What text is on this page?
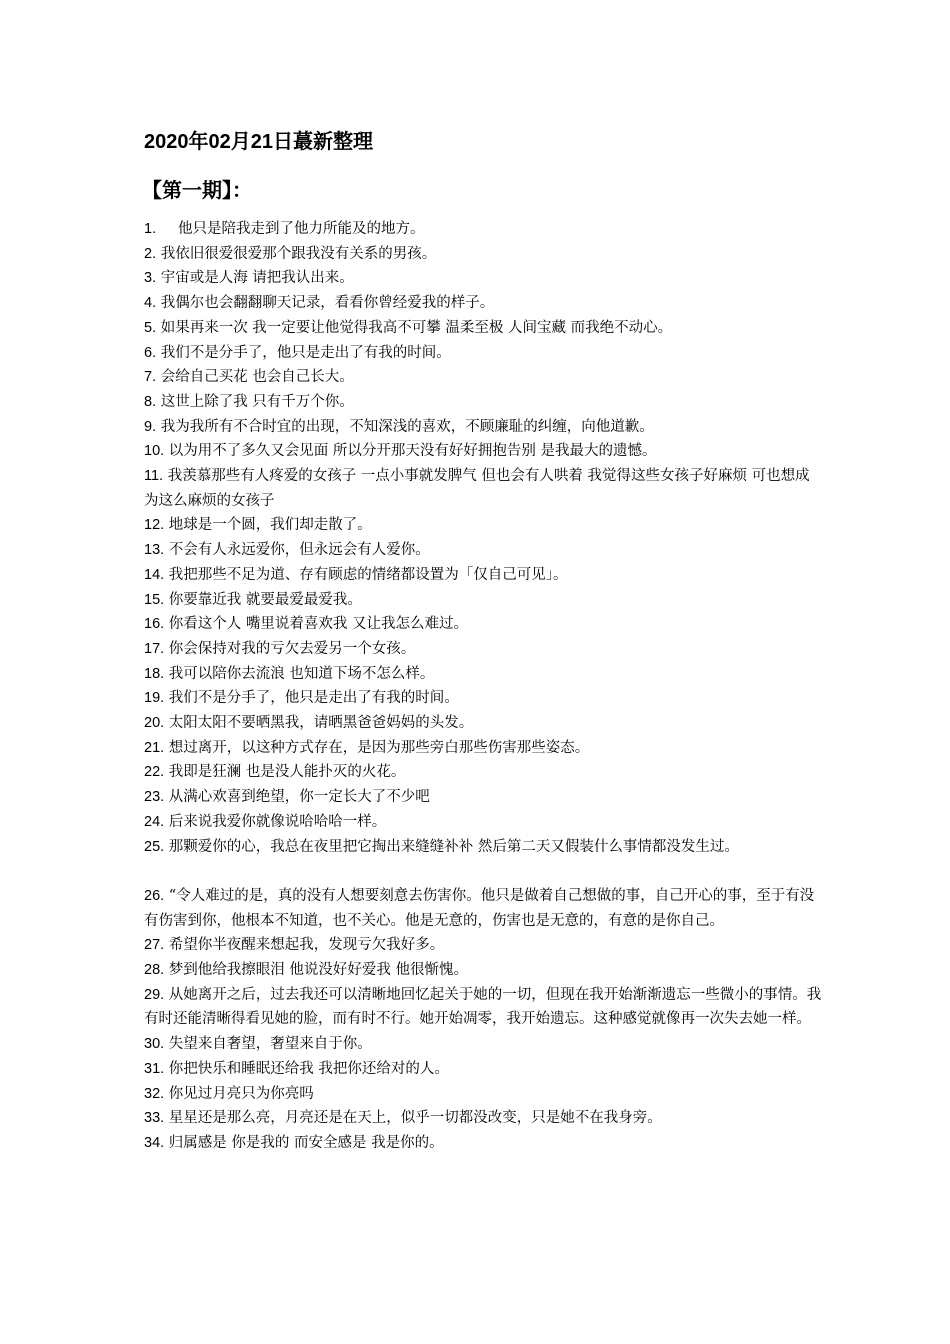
2020年02月21日蕞新整理
【第一期】：
1. 他只是陪我走到了他力所能及的地方。
2. 我依旧很爱很爱那个跟我没有关系的男孩。
3. 宇宙或是人海 请把我认出来。
4. 我偶尔也会翻翻聊天记录，看看你曾经爱我的样子。
5. 如果再来一次 我一定要让他觉得我高不可攀 温柔至极 人间宝藏 而我绝不动心。
6. 我们不是分手了，他只是走出了有我的时间。
7. 会给自己买花 也会自己长大。
8. 这世上除了我 只有千万个你。
9. 我为我所有不合时宜的出现，不知深浅的喜欢，不顾廉耻的纠缠，向他道歉。
10. 以为用不了多久又会见面 所以分开那天没有好好拥抱告别 是我最大的遗憾。
11. 我羡慕那些有人疼爱的女孩子 一点小事就发脾气 但也会有人哄着 我觉得这些女孩子好麻烦 可也想成为这么麻烦的女孩子
12. 地球是一个圆，我们却走散了。
13. 不会有人永远爱你，但永远会有人爱你。
14. 我把那些不足为道、存有顾虑的情绪都设置为「仅自己可见」。
15. 你要靠近我 就要最爱最爱我。
16. 你看这个人 嘴里说着喜欢我 又让我怎么难过。
17. 你会保持对我的亏欠去爱另一个女孩。
18. 我可以陪你去流浪 也知道下场不怎么样。
19. 我们不是分手了，他只是走出了有我的时间。
20. 太阳太阳不要晒黑我，请晒黑爸爸妈妈的头发。
21. 想过离开，以这种方式存在，是因为那些旁白那些伤害那些姿态。
22. 我即是狂澜 也是没人能扑灭的火花。
23. 从满心欢喜到绝望，你一定长大了不少吧
24. 后来说我爱你就像说哈哈哈一样。
25. 那颗爱你的心，我总在夜里把它掏出来缝缝补补 然后第二天又假装什么事情都没发生过。
26. “令人难过的是，真的没有人想要刻意去伤害你。他只是做着自己想做的事，自己开心的事，至于有没有伤害到你，他根本不知道，也不关心。他是无意的，伤害也是无意的，有意的是你自己。
27. 希望你半夜醒来想起我，发现亏欠我好多。
28. 梦到他给我擦眼泪 他说没好好爱我 他很惭愧。
29. 从她离开之后，过去我还可以清晰地回忆起关于她的一切，但现在我开始渐渐遗忘一些微小的事情。我有时还能清晰得看见她的脸，而有时不行。她开始凋零，我开始遗忘。这种感觉就像再一次失去她一样。
30. 失望来自奢望，奢望来自于你。
31. 你把快乐和睡眠还给我 我把你还给对的人。
32. 你见过月亮只为你亮吗
33. 星星还是那么亮，月亮还是在天上，似乎一切都没改变，只是她不在我身旁。
34. 归属感是 你是我的 而安全感是 我是你的。
